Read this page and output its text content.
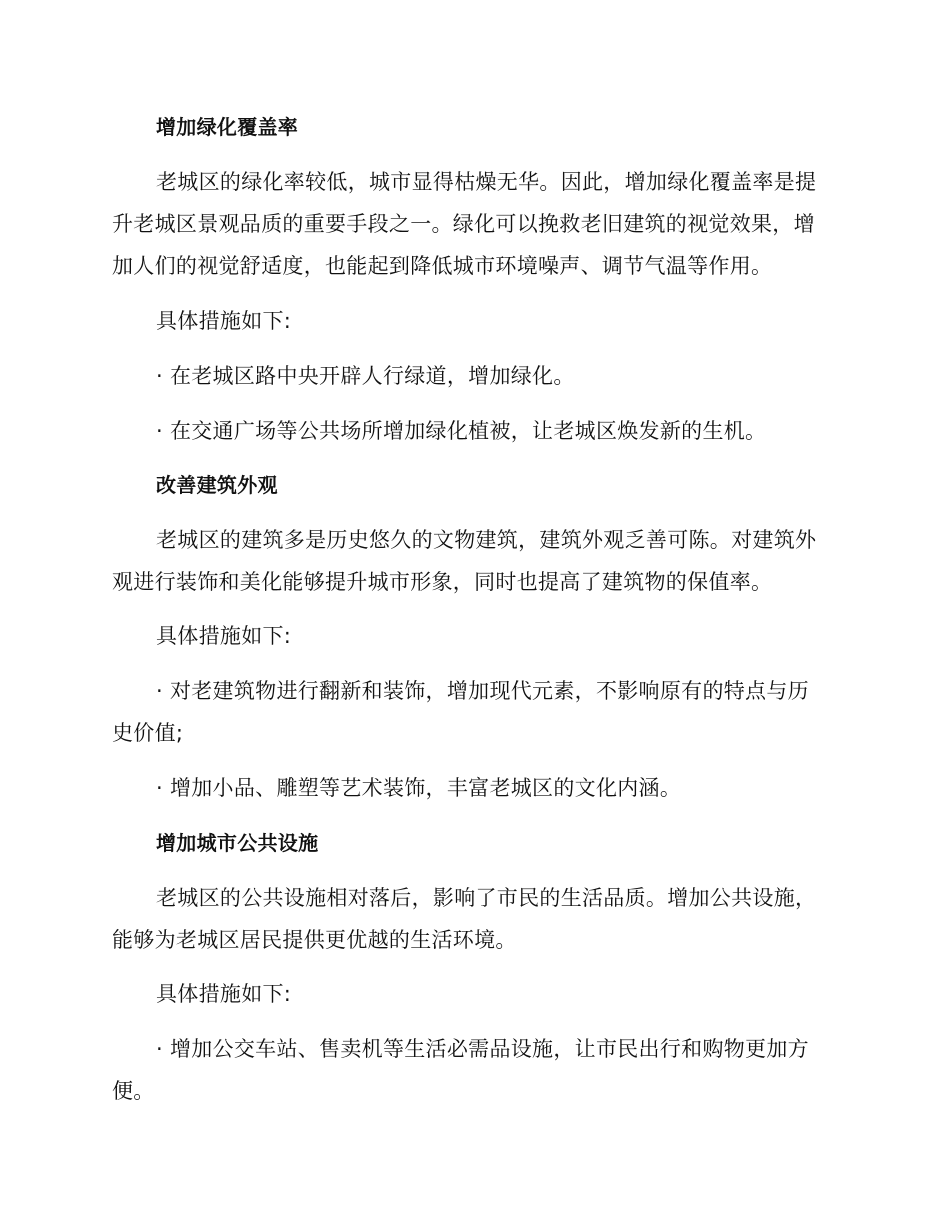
增加绿化覆盖率
老城区的绿化率较低，城市显得枯燥无华。因此，增加绿化覆盖率是提
升老城区景观品质的重要手段之一。绿化可以挽救老旧建筑的视觉效果，增
加人们的视觉舒适度，也能起到降低城市环境噪声、调节气温等作用。
具体措施如下:
· 在老城区路中央开辟人行绿道，增加绿化。
· 在交通广场等公共场所增加绿化植被，让老城区焕发新的生机。
改善建筑外观
老城区的建筑多是历史悠久的文物建筑，建筑外观乏善可陈。对建筑外
观进行装饰和美化能够提升城市形象，同时也提高了建筑物的保值率。
具体措施如下:
· 对老建筑物进行翻新和装饰，增加现代元素，不影响原有的特点与历
史价值;
· 增加小品、雕塑等艺术装饰，丰富老城区的文化内涵。
增加城市公共设施
老城区的公共设施相对落后，影响了市民的生活品质。增加公共设施，
能够为老城区居民提供更优越的生活环境。
具体措施如下:
· 增加公交车站、售卖机等生活必需品设施，让市民出行和购物更加方
便。
